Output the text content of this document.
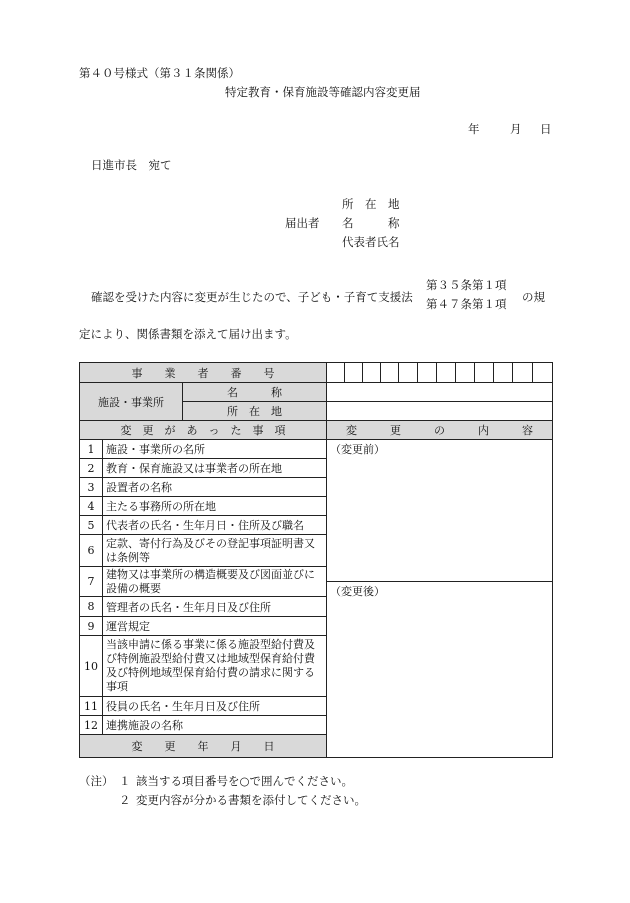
第４０号様式（第３１条関係）
特定教育・保育施設等確認内容変更届
年	月 日
日進市長　宛て
所　在　地
届出者 名　　　称
代表者氏名
確認を受けた内容に変更が生じたので、子ども・子育て支援法
第３５条第１項
第４７条第１項 の規
定により、関係書類を添えて届け出ます。
事　　業　　者　　番　　号														
施設・事業所		名　　　称												
		所　在　地												
変　更　が　あ　っ　た　事　項			変　　　更　　　の　　　内　　　容											
1	施設・事業所の名所		（変更前）											
2	教育・保育施設又は事業者の所在地													
3	設置者の名称													
4	主たる事務所の所在地													
5	代表者の氏名・生年月日・住所及び職名													
6	定款、寄付行為及びその登記事項証明書又は条例等													
7	建物又は事業所の構造概要及び図面並びに設備の概要													
			（変更後）											
8	管理者の氏名・生年月日及び住所													
9	運営規定													
10	当該申請に係る事業に係る施設型給付費及び特例施設型給付費又は地域型保育給付費及び特例地域型保育給付費の請求に関する事項													
11	役員の氏名・生年月日及び住所													
12	連携施設の名称													
変　　更　　年　　月　　日														
（注） １ 該当する項目番号を○で囲んでください。
２ 変更内容が分かる書類を添付してください。
